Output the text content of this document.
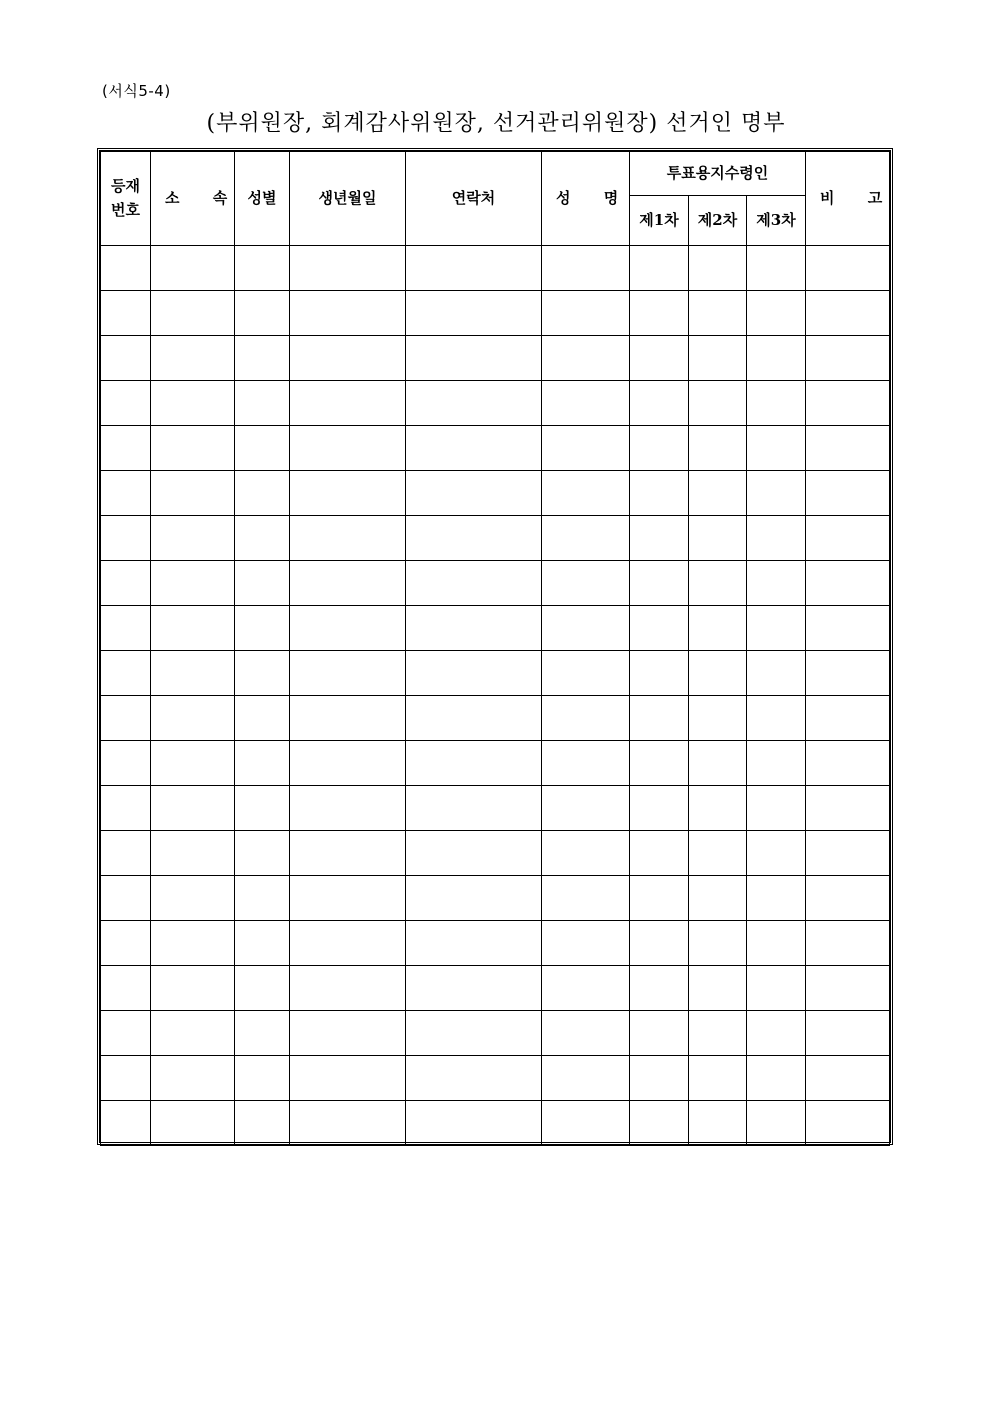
(서식5-4)
(부위원장, 회계감사위원장, 선거관리위원장) 선거인 명부
등재
번호	소 속	성별	생년월일	연락처	성 명	투표용지수령인			비 고
						제1차	제2차	제3차	
